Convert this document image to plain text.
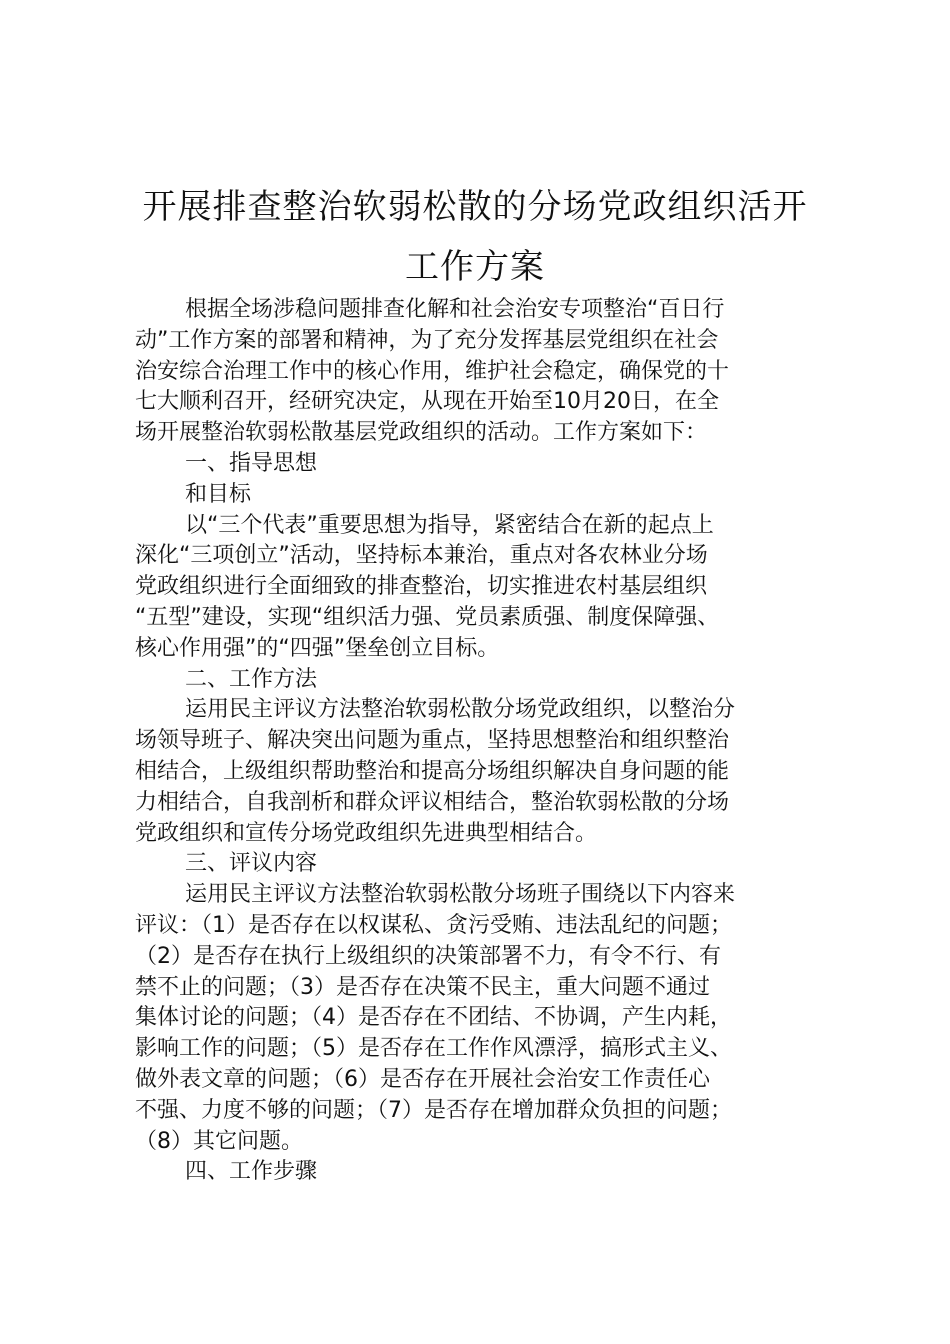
开展排查整治软弱松散的分场党政组织活开
工作方案
根据全场涉稳问题排查化解和社会治安专项整治“百日行
动”工作方案的部署和精神，为了充分发挥基层党组织在社会
治安综合治理工作中的核心作用，维护社会稳定，确保党的十
七大顺利召开，经研究决定，从现在开始至10月20日，在全
场开展整治软弱松散基层党政组织的活动。工作方案如下：
一、指导思想
和目标
以“三个代表”重要思想为指导，紧密结合在新的起点上
深化“三项创立”活动，坚持标本兼治，重点对各农林业分场
党政组织进行全面细致的排查整治，切实推进农村基层组织
“五型”建设，实现“组织活力强、党员素质强、制度保障强、
核心作用强”的“四强”堡垒创立目标。
二、工作方法
运用民主评议方法整治软弱松散分场党政组织，以整治分
场领导班子、解决突出问题为重点，坚持思想整治和组织整治
相结合，上级组织帮助整治和提高分场组织解决自身问题的能
力相结合，自我剖析和群众评议相结合，整治软弱松散的分场
党政组织和宣传分场党政组织先进典型相结合。
三、评议内容
运用民主评议方法整治软弱松散分场班子围绕以下内容来
评议：（1）是否存在以权谋私、贪污受贿、违法乱纪的问题；
（2）是否存在执行上级组织的决策部署不力，有令不行、有
禁不止的问题；（3）是否存在决策不民主，重大问题不通过
集体讨论的问题；（4）是否存在不团结、不协调，产生内耗，
影响工作的问题；（5）是否存在工作作风漂浮，搞形式主义、
做外表文章的问题；（6）是否存在开展社会治安工作责任心
不强、力度不够的问题；（7）是否存在增加群众负担的问题；
（8）其它问题。
四、工作步骤
